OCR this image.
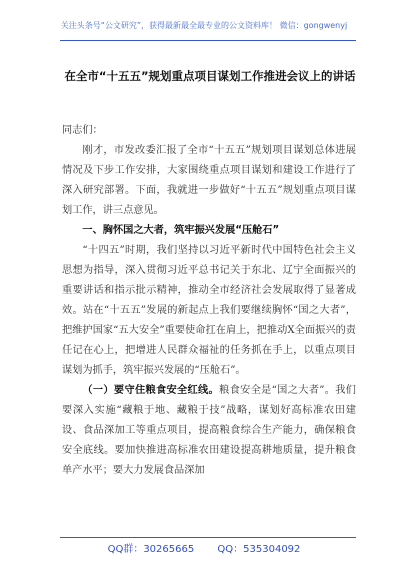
关注头条号“公文研究”，获得最新最全最专业的公文资料库！ 微信：gongwenyj
在全市“十五五”规划重点项目谋划工作推进会议上的讲话

同志们：

刚才，市发改委汇报了全市“十五五”规划项目谋划总体进展情况及下步工作安排，大家围绕重点项目谋划和建设工作进行了深入研究部署。下面，我就进一步做好“十五五”规划重点项目谋划工作，讲三点意见。

一、胸怀国之大者，筑牢振兴发展“压舱石”

“十四五”时期，我们坚持以习近平新时代中国特色社会主义思想为指导，深入贯彻习近平总书记关于东北、辽宁全面振兴的重要讲话和指示批示精神，推动全市经济社会发展取得了显著成效。站在“十五五”发展的新起点上我们要继续胸怀“国之大者”，把维护国家“五大安全”重要使命扛在肩上，把推动X全面振兴的责任记在心上，把增进人民群众福祉的任务抓在手上，以重点项目谋划为抓手，筑牢振兴发展的“压舱石”。

（一）要守住粮食安全红线。粮食安全是“国之大者”。我们要深入实施“藏粮于地、藏粮于技”战略，谋划好高标准农田建设、食品深加工等重点项目，提高粮食综合生产能力，确保粮食安全底线。要加快推进高标准农田建设提高耕地质量，提升粮食单产水平；要大力发展食品深加

QQ群：30265665 QQ：535304092
